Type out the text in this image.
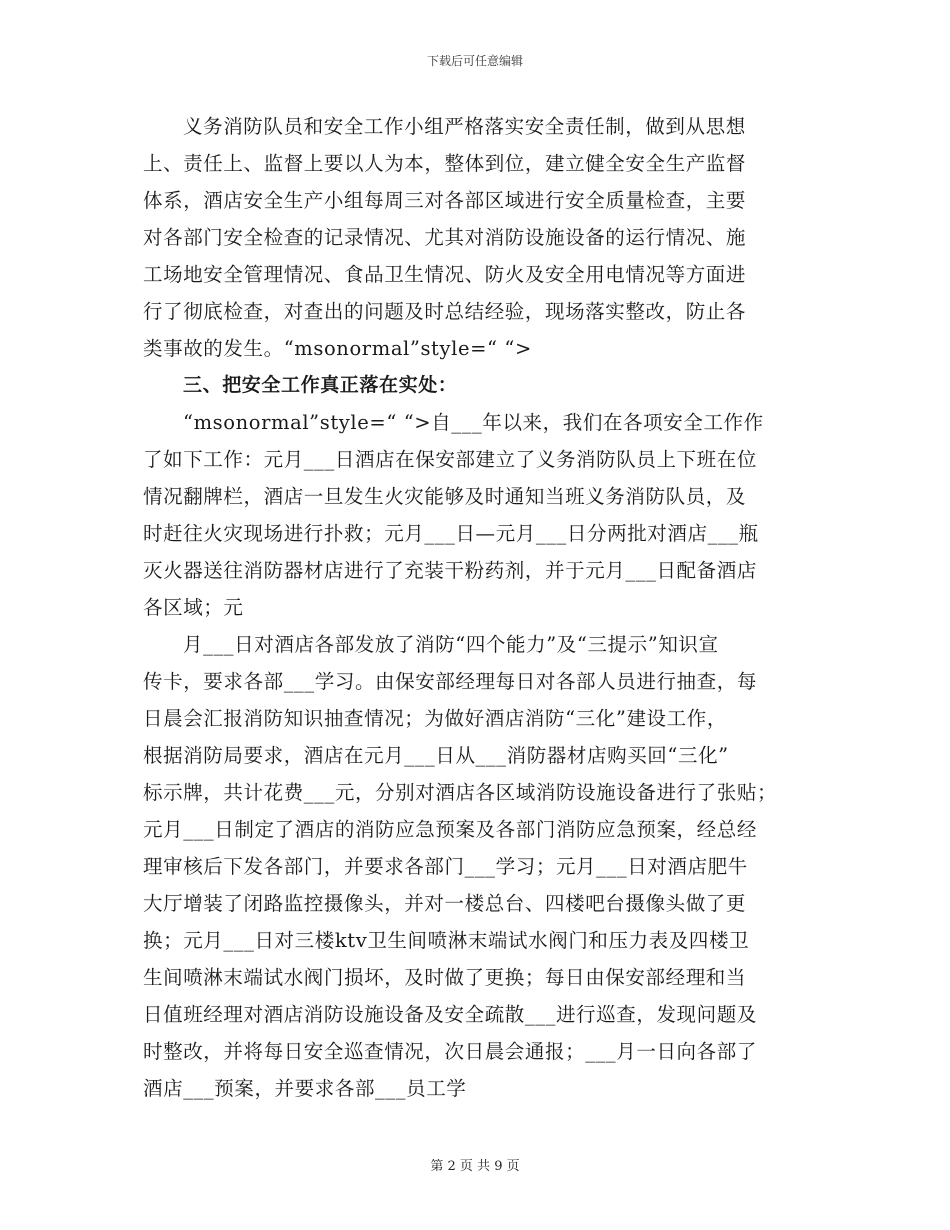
下载后可任意编辑
义务消防队员和安全工作小组严格落实安全责任制，做到从思想
上、责任上、监督上要以人为本，整体到位，建立健全安全生产监督
体系，酒店安全生产小组每周三对各部区域进行安全质量检查，主要
对各部门安全检查的记录情况、尤其对消防设施设备的运行情况、施
工场地安全管理情况、食品卫生情况、防火及安全用电情况等方面进
行了彻底检查，对查出的问题及时总结经验，现场落实整改，防止各
类事故的发生。“msonormal”style=“ “>
三、把安全工作真正落在实处：
“msonormal”style=“ “>自___年以来，我们在各项安全工作作
了如下工作：元月___日酒店在保安部建立了义务消防队员上下班在位
情况翻牌栏，酒店一旦发生火灾能够及时通知当班义务消防队员，及
时赶往火灾现场进行扑救；元月___日—元月___日分两批对酒店___瓶
灭火器送往消防器材店进行了充装干粉药剂，并于元月___日配备酒店
各区域；元
月___日对酒店各部发放了消防“四个能力”及“三提示”知识宣
传卡，要求各部___学习。由保安部经理每日对各部人员进行抽查，每
日晨会汇报消防知识抽查情况；为做好酒店消防“三化”建设工作，
根据消防局要求，酒店在元月___日从___消防器材店购买回“三化”
标示牌，共计花费___元，分别对酒店各区域消防设施设备进行了张贴；
元月___日制定了酒店的消防应急预案及各部门消防应急预案，经总经
理审核后下发各部门，并要求各部门___学习；元月___日对酒店肥牛
大厅增装了闭路监控摄像头，并对一楼总台、四楼吧台摄像头做了更
换；元月___日对三楼ktv卫生间喷淋末端试水阀门和压力表及四楼卫
生间喷淋末端试水阀门损坏，及时做了更换；每日由保安部经理和当
日值班经理对酒店消防设施设备及安全疏散___进行巡查，发现问题及
时整改，并将每日安全巡查情况，次日晨会通报；___月一日向各部了
酒店___预案，并要求各部___员工学
第 2 页 共 9 页
